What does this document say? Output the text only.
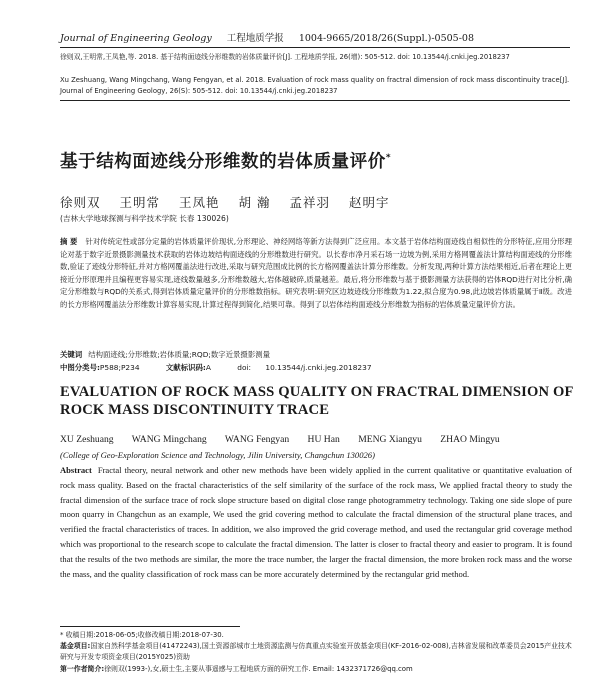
Journal of Engineering Geology 工程地质学报 1004-9665/2018/26(Suppl.)-0505-08
徐则双,王明常,王凤艳,等. 2018. 基于结构面迹线分形维数的岩体质量评价[J]. 工程地质学报, 26(增): 505-512. doi: 10.13544/j.cnki.jeg.2018237
Xu Zeshuang, Wang Mingchang, Wang Fengyan, et al. 2018. Evaluation of rock mass quality on fractral dimension of rock mass discontinuity trace[J]. Journal of Engineering Geology, 26(S): 505-512. doi: 10.13544/j.cnki.jeg.2018237
基于结构面迹线分形维数的岩体质量评价*
徐则双 王明常 王凤艳 胡 瀚 孟祥羽 赵明宇
(吉林大学地球探测与科学技术学院 长春 130026)
摘 要 针对传统定性或部分定量的岩体质量评价现状,分形理论、神经网络等新方法得到广泛应用。本文基于岩体结构面迹线自相似性的分形特征,应用分形理论对基于数字近景摄影测量技术获取的岩体边坡结构面迹线的分形维数进行研究。以长春市净月采石场一边坡为例,采用方格网覆盖法计算结构面迹线的分形维数,验证了迹线分形特征,并对方格网覆盖法进行改进,采取与研究范围成比例的长方格网覆盖法计算分形维数。分析发现,两种计算方法结果相近,后者在理论上更接近分形原理并且编程更容易实现,迹线数量越多,分形维数越大,岩体越破碎,质量越差。最后,将分形维数与基于摄影测量方法获得的岩体RQD进行对比分析,确定分形维数与RQD的关系式,得到岩体质量定量评价的分形维数指标。研究表明:研究区边坡迹线分形维数为1.22,拟合度为0.98,此边坡岩体质量属于Ⅱ级。改进的长方形格网覆盖法分形维数计算容易实现,计算过程得到简化,结果可靠。得到了以岩体结构面迹线分形维数为指标的岩体质量定量评价方法。
关键词 结构面迹线;分形维数;岩体质量;RQD;数字近景摄影测量
中图分类号:P588;P234	文献标识码:A	doi: 10.13544/j.cnki.jeg.2018237
EVALUATION OF ROCK MASS QUALITY ON FRACTRAL DIMENSION OF ROCK MASS DISCONTINUITY TRACE
XU Zeshuang WANG Mingchang WANG Fengyan HU Han MENG Xiangyu ZHAO Mingyu
(College of Geo-Exploration Science and Technology, Jilin University, Changchun 130026)
Abstract Fractal theory, neural network and other new methods have been widely applied in the current qualitative or quantitative evaluation of rock mass quality. Based on the fractal characteristics of the self similarity of the surface of the rock mass, We applied fractal theory to study the fractal dimension of the surface trace of rock slope structure based on digital close range photogrammetry technology. Taking one side slope of pure moon quarry in Changchun as an example, We used the grid covering method to calculate the fractal dimension of the structural plane traces, and verified the fractal characteristics of traces. In addition, we also improved the grid coverage method, and used the rectangular grid coverage method which was proportional to the research scope to calculate the fractal dimension. The latter is closer to fractal theory and easier to program. It is found that the results of the two methods are similar, the more the trace number, the larger the fractal dimension, the more broken rock mass and the worse the mass, and the quality classification of rock mass can be more accurately determined by the rectangular grid method.
* 收稿日期:2018-06-05;收修改稿日期:2018-07-30.
基金项目:国家自然科学基金项目(41472243),国土资源部城市土地资源监测与仿真重点实验室开放基金项目(KF-2016-02-008),吉林省发展和改革委员会2015产业技术研究与开发专项资金项目(2015Y025)资助
第一作者简介:徐则双(1993-),女,硕士生,主要从事遥感与工程地质方面的研究工作. Email: 1432371726@qq.com
